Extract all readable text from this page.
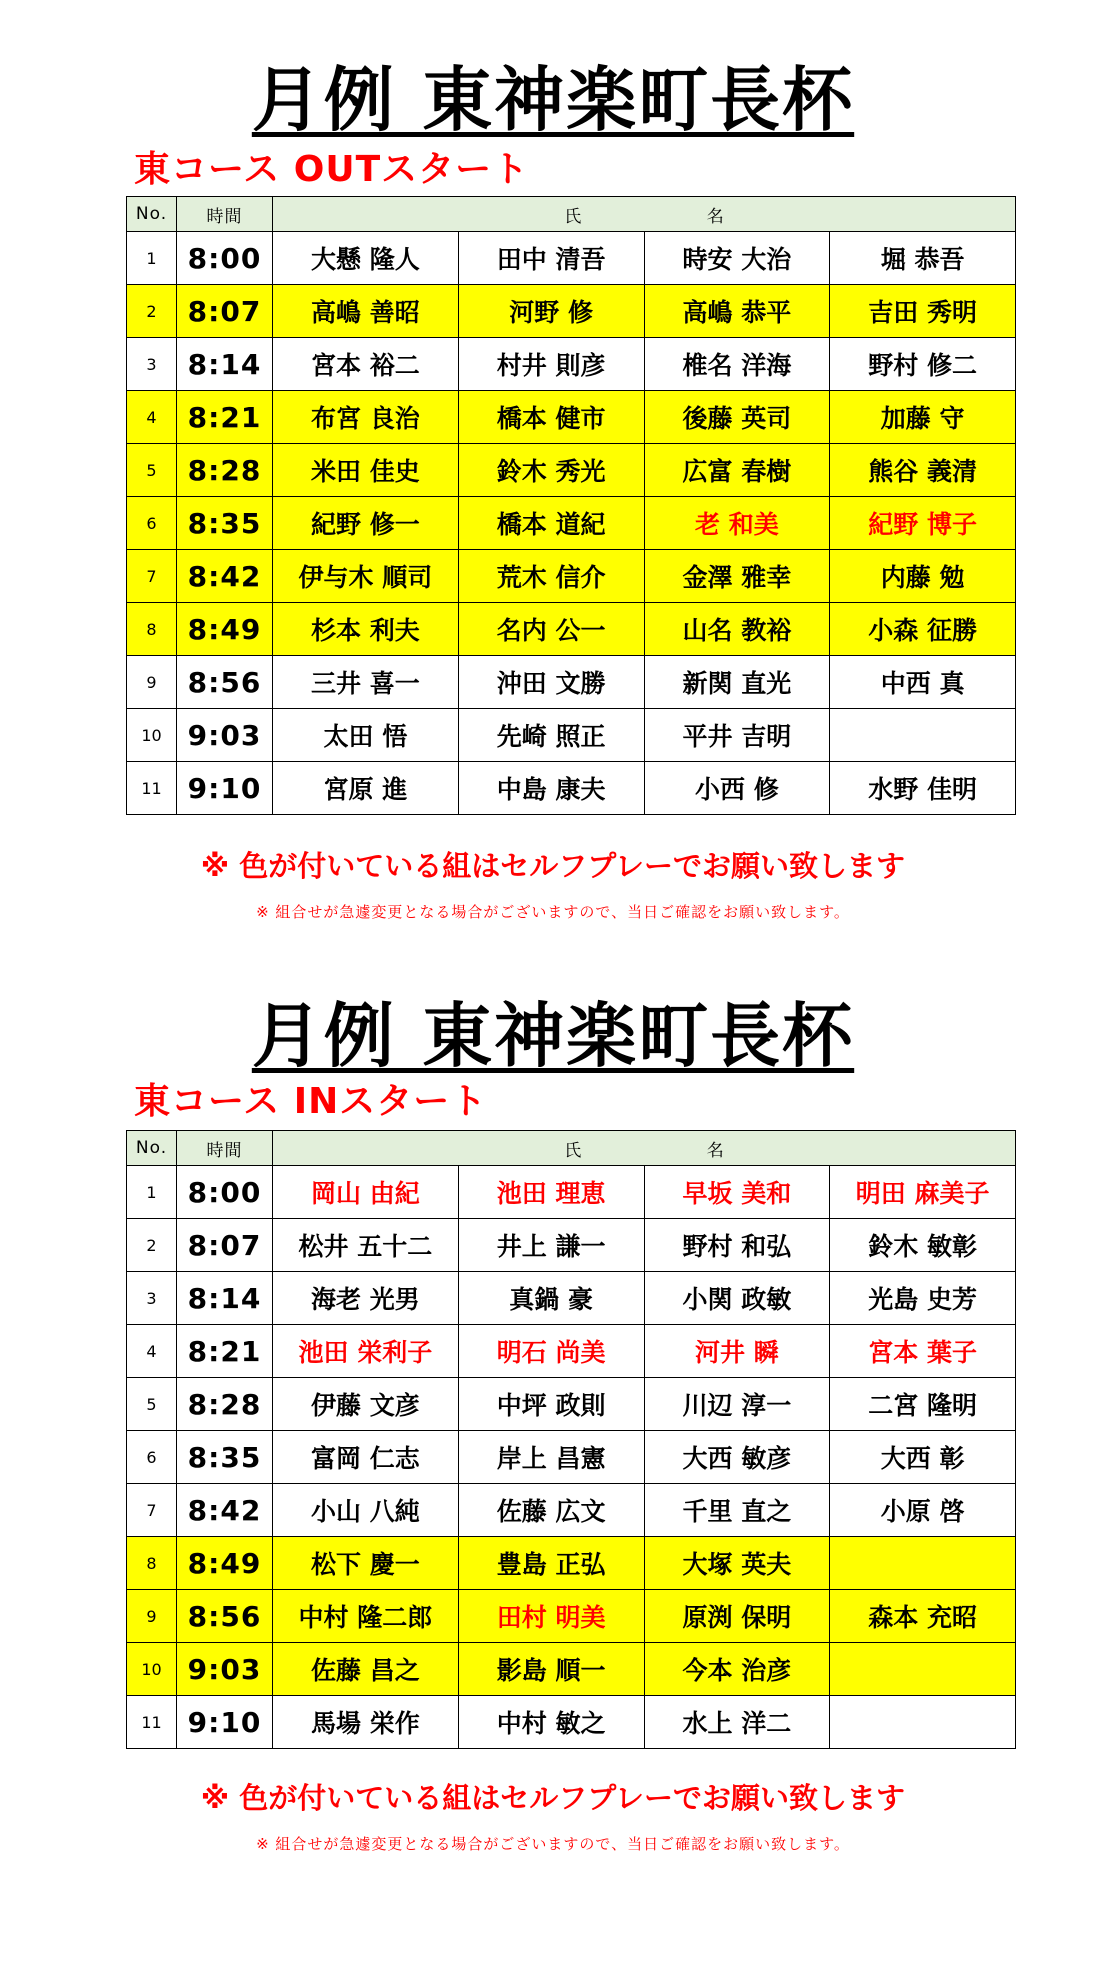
月例 東神楽町長杯
東コース OUTスタート
No.	時間	氏 名			
1	8:00	大懸 隆人	田中 清吾	時安 大治	堀 恭吾
2	8:07	高嶋 善昭	河野 修	高嶋 恭平	吉田 秀明
3	8:14	宮本 裕二	村井 則彦	椎名 洋海	野村 修二
4	8:21	布宮 良治	橋本 健市	後藤 英司	加藤 守
5	8:28	米田 佳史	鈴木 秀光	広富 春樹	熊谷 義清
6	8:35	紀野 修一	橋本 道紀	老 和美	紀野 博子
7	8:42	伊与木 順司	荒木 信介	金澤 雅幸	内藤 勉
8	8:49	杉本 利夫	名内 公一	山名 教裕	小森 征勝
9	8:56	三井 喜一	沖田 文勝	新関 直光	中西 真
10	9:03	太田 悟	先崎 照正	平井 吉明	
11	9:10	宮原 進	中島 康夫	小西 修	水野 佳明
※ 色が付いている組はセルフプレーでお願い致します
※ 組合せが急遽変更となる場合がございますので、当日ご確認をお願い致します。
月例 東神楽町長杯
東コース INスタート
No.	時間	氏 名			
1	8:00	岡山 由紀	池田 理恵	早坂 美和	明田 麻美子
2	8:07	松井 五十二	井上 謙一	野村 和弘	鈴木 敏彰
3	8:14	海老 光男	真鍋 豪	小関 政敏	光島 史芳
4	8:21	池田 栄利子	明石 尚美	河井 瞬	宮本 葉子
5	8:28	伊藤 文彦	中坪 政則	川辺 淳一	二宮 隆明
6	8:35	富岡 仁志	岸上 昌憲	大西 敏彦	大西 彰
7	8:42	小山 八純	佐藤 広文	千里 直之	小原 啓
8	8:49	松下 慶一	豊島 正弘	大塚 英夫	
9	8:56	中村 隆二郎	田村 明美	原渕 保明	森本 充昭
10	9:03	佐藤 昌之	影島 順一	今本 治彦	
11	9:10	馬場 栄作	中村 敏之	水上 洋二	
※ 色が付いている組はセルフプレーでお願い致します
※ 組合せが急遽変更となる場合がございますので、当日ご確認をお願い致します。
